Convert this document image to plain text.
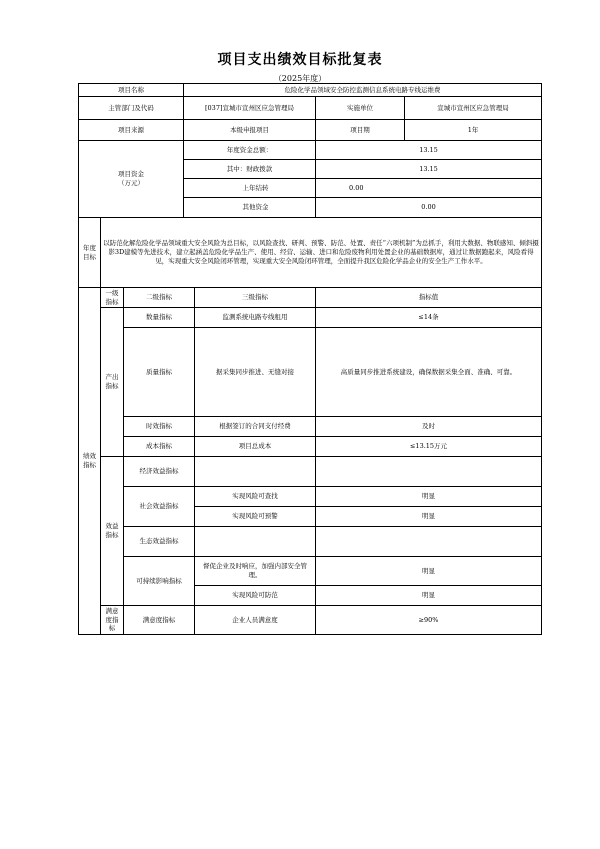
项目支出绩效目标批复表
（2025年度）
项目名称			危险化学品领域安全防控监测信息系统电路专线运维费			
主管部门及代码			[037]宣城市宣州区应急管理局		实施单位	宣城市宣州区应急管理局
项目来源			本级申报项目		项目期	1年
项目资金
（万元）			年度资金总额：		13.15	
			其中：财政拨款		13.15	
			上年结转		0.00	
			其他资金		0.00	
年度目标	以防范化解危险化学品领域重大安全风险为总目标，以风险查找、研判、预警、防范、处置、责任“六项机制”为总抓手，利用大数据、物联感知、倾斜摄影3D建模等先进技术，建立起涵盖危险化学品生产、使用、经营、运输、进口和危险废物利用处置企业的基础数据库，通过让数据跑起来，风险看得见，实现重大安全风险闭环管理，实现重大安全风险闭环管理，全面提升我区危险化学品企业的安全生产工作水平。					
绩效指标	一级指标	二级指标		三级指标	指标值	
	产出指标	数量指标		监测系统电路专线租用	≤14条	
		质量指标		据采集同步推进、无缝对接	高质量同步推进系统建设，确保数据采集全面、准确、可靠。	

		时效指标		根据签订的合同支付经费	及时	
		成本指标		项目总成本	≤13.15万元	
	效益指标	经济效益指标				

		社会效益指标		实现风险可查找	明显	
				实现风险可预警	明显	
		生态效益指标				

		可持续影响指标		督促企业及时响应，加强内部安全管理。	明显	

				实现风险可防范	明显	
	满意度指标	满意度指标		企业人员满意度	≥90%	
